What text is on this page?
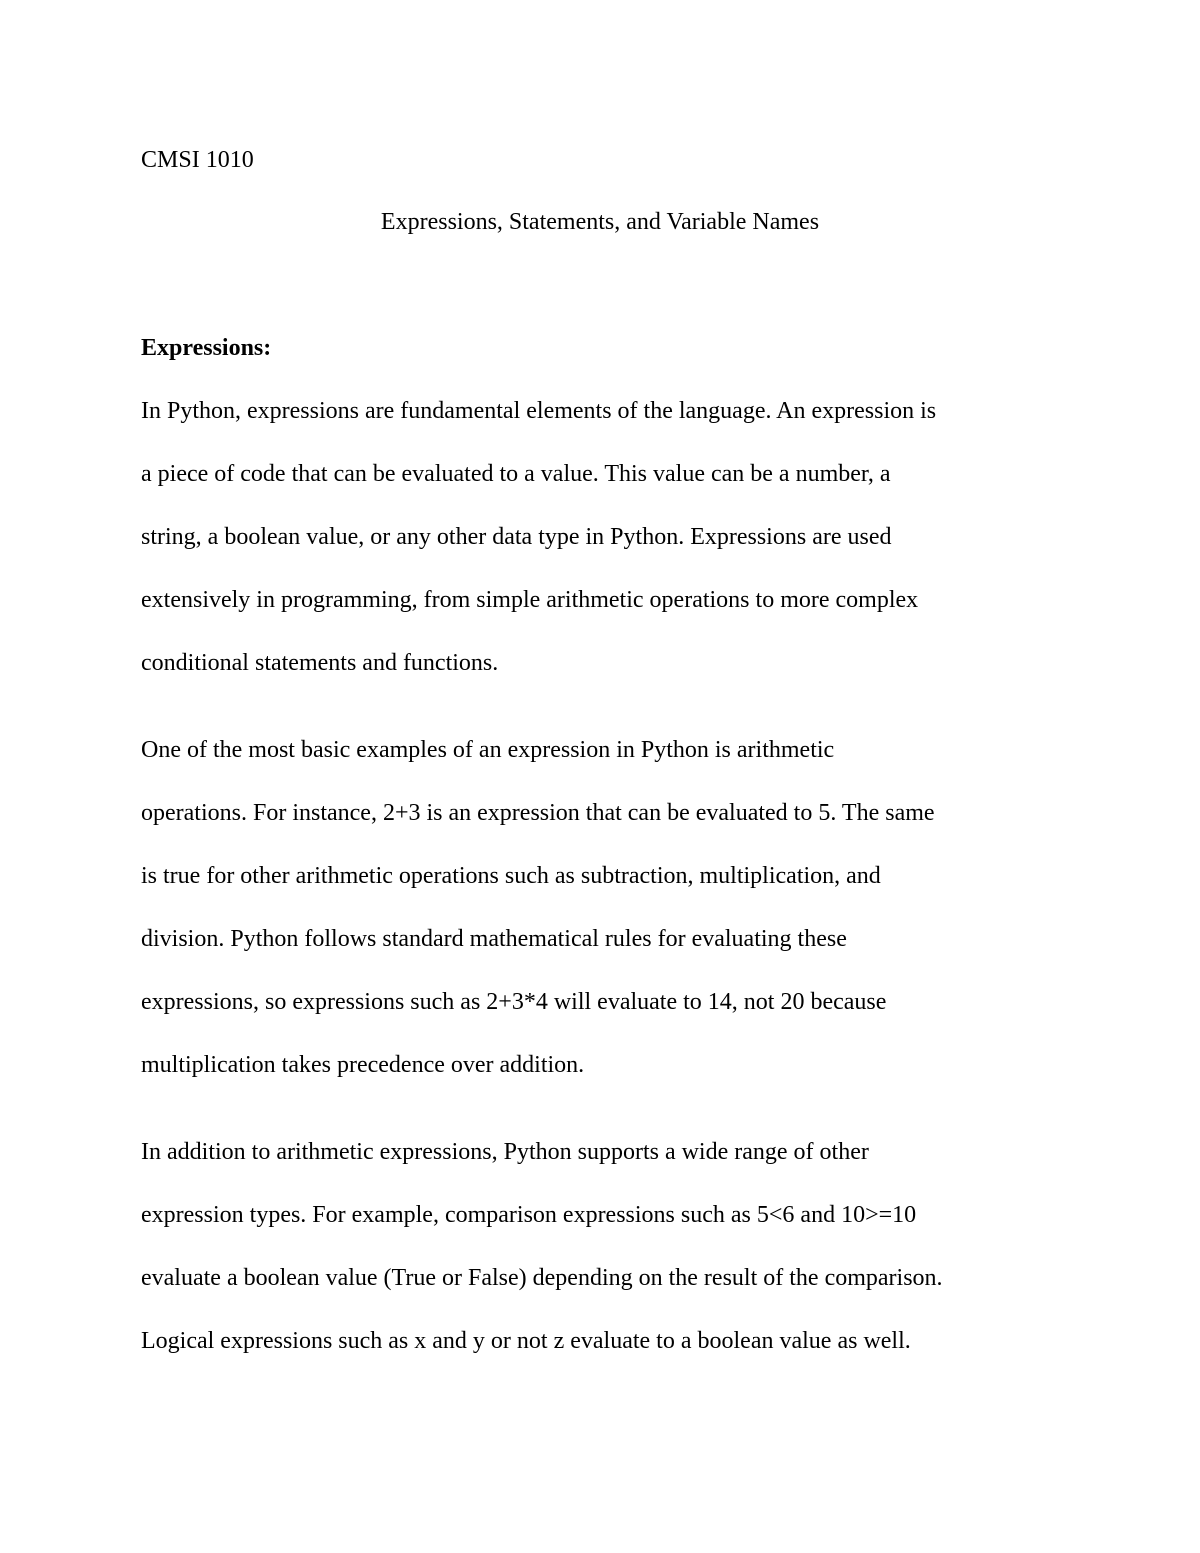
CMSI 1010

Expressions, Statements, and Variable Names
Expressions:

In Python, expressions are fundamental elements of the language. An expression is

a piece of code that can be evaluated to a value. This value can be a number, a

string, a boolean value, or any other data type in Python. Expressions are used

extensively in programming, from simple arithmetic operations to more complex

conditional statements and functions.

One of the most basic examples of an expression in Python is arithmetic

operations. For instance, 2+3 is an expression that can be evaluated to 5. The same

is true for other arithmetic operations such as subtraction, multiplication, and

division. Python follows standard mathematical rules for evaluating these

expressions, so expressions such as 2+3*4 will evaluate to 14, not 20 because

multiplication takes precedence over addition.

In addition to arithmetic expressions, Python supports a wide range of other

expression types. For example, comparison expressions such as 5<6 and 10>=10

evaluate a boolean value (True or False) depending on the result of the comparison.

Logical expressions such as x and y or not z evaluate to a boolean value as well.
